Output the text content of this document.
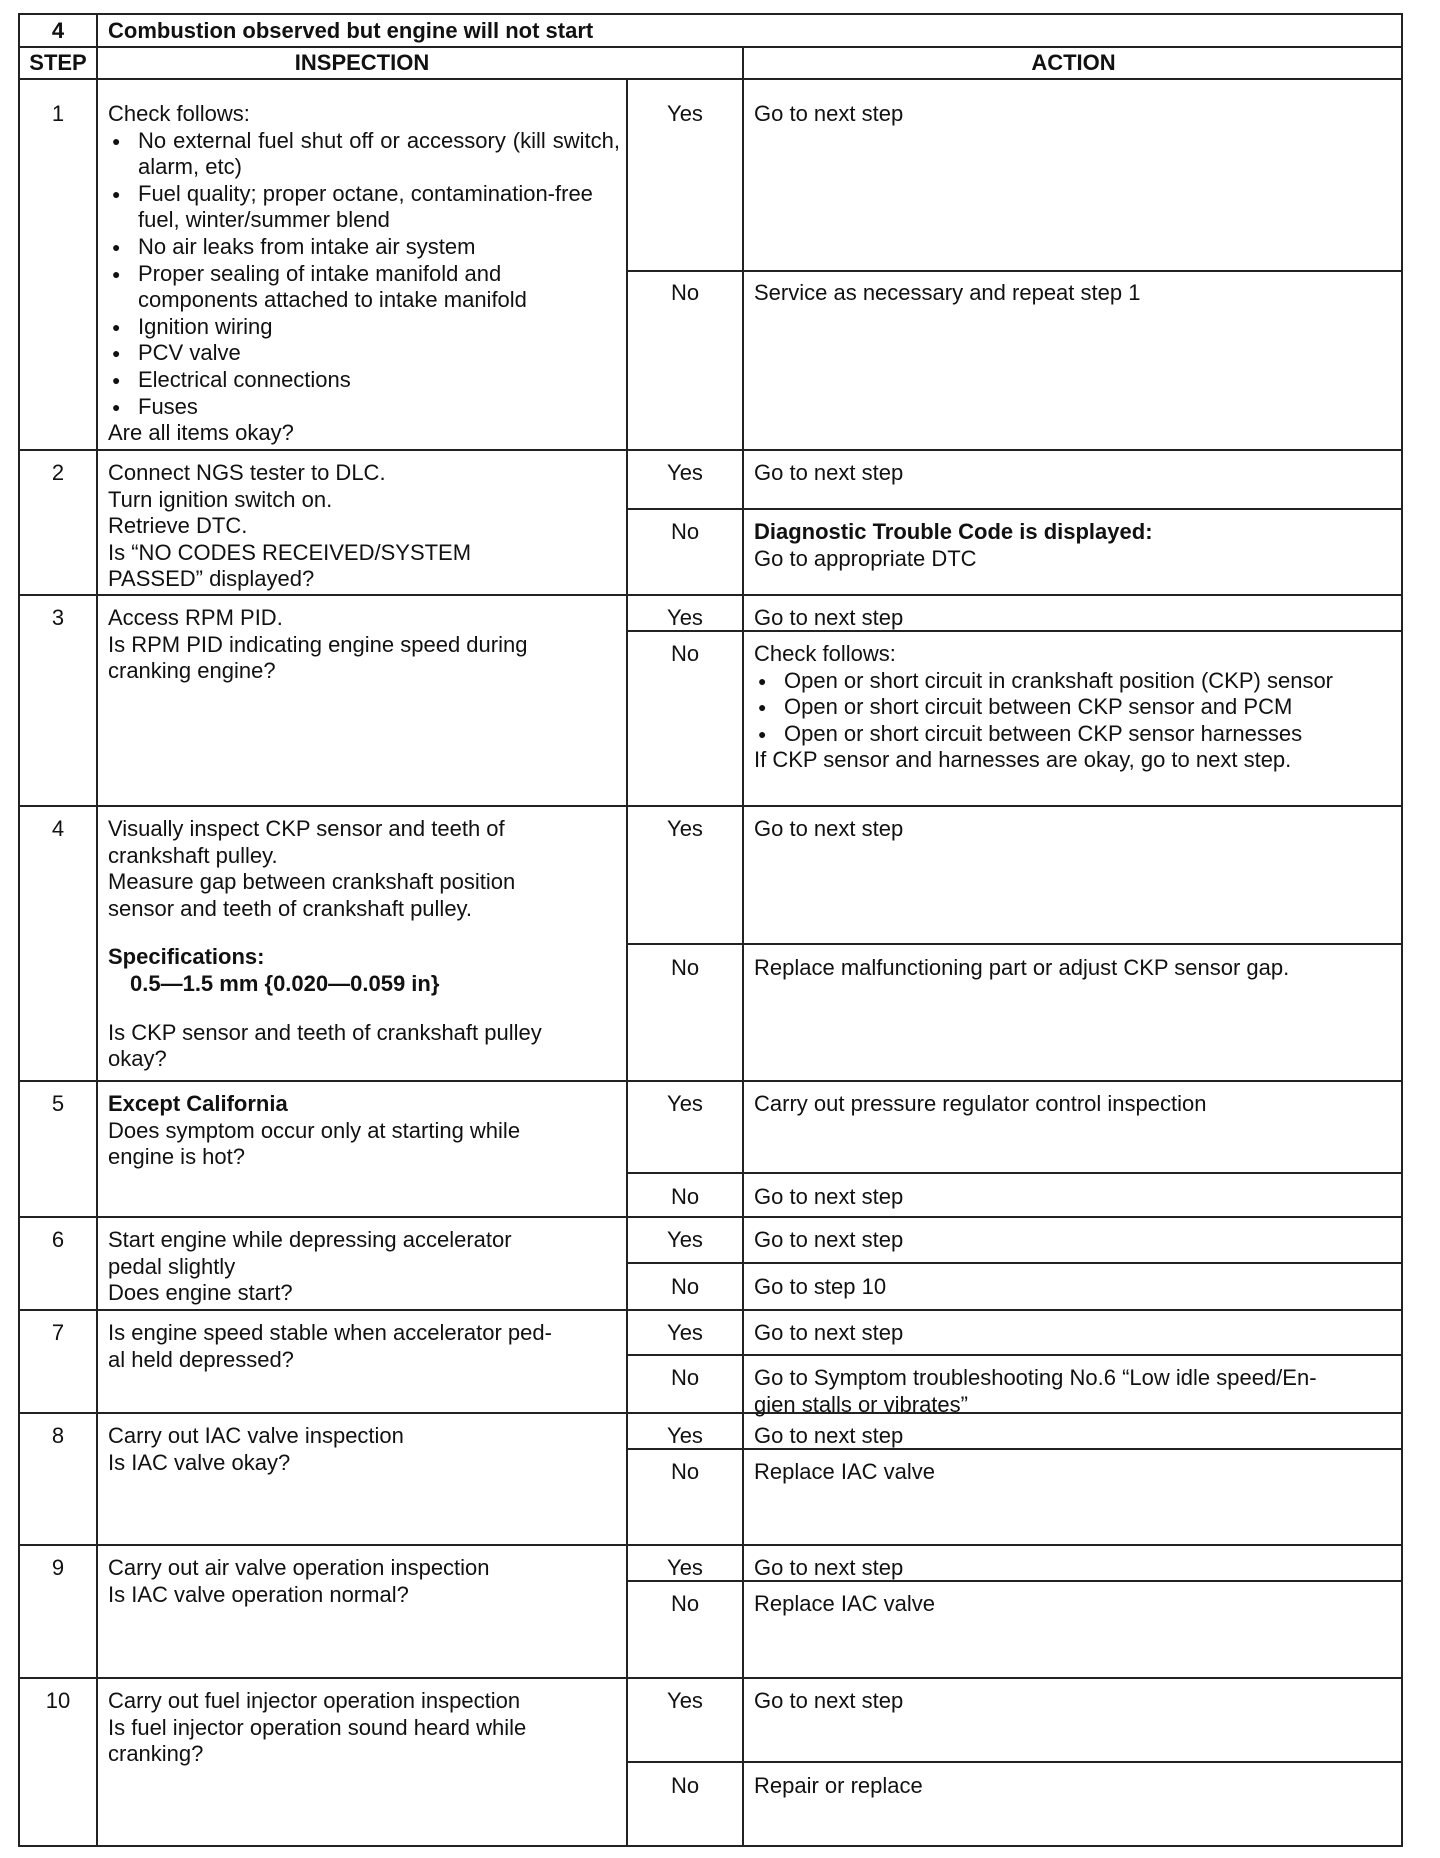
4	Combustion observed but engine will not start
STEP	INSPECTION	ACTION
1	Check follows:
● No external fuel shut off or accessory (kill switch, alarm, etc)
● Fuel quality; proper octane, contamination-free fuel, winter/summer blend
● No air leaks from intake air system
● Proper sealing of intake manifold and components attached to intake manifold
● Ignition wiring
● PCV valve
● Electrical connections
● Fuses
Are all items okay?
Yes	Go to next step
No	Service as necessary and repeat step 1
2	Connect NGS tester to DLC.
Turn ignition switch on.
Retrieve DTC.
Is “NO CODES RECEIVED/SYSTEM
PASSED” displayed?
Yes	Go to next step
No	Diagnostic Trouble Code is displayed:
Go to appropriate DTC
3	Access RPM PID.
Is RPM PID indicating engine speed during
cranking engine?
Yes	Go to next step
No	Check follows:
● Open or short circuit in crankshaft position (CKP) sensor
● Open or short circuit between CKP sensor and PCM
● Open or short circuit between CKP sensor harnesses
If CKP sensor and harnesses are okay, go to next step.
4	Visually inspect CKP sensor and teeth of
crankshaft pulley.
Measure gap between crankshaft position
sensor and teeth of crankshaft pulley.
Specifications:
0.5—1.5 mm {0.020—0.059 in}
Is CKP sensor and teeth of crankshaft pulley
okay?
Yes	Go to next step
No	Replace malfunctioning part or adjust CKP sensor gap.
5	Except California
Does symptom occur only at starting while
engine is hot?
Yes	Carry out pressure regulator control inspection
No	Go to next step
6	Start engine while depressing accelerator
pedal slightly
Does engine start?
Yes	Go to next step
No	Go to step 10
7	Is engine speed stable when accelerator ped-
al held depressed?
Yes	Go to next step
No	Go to Symptom troubleshooting No.6 “Low idle speed/En-
gien stalls or vibrates”
8	Carry out IAC valve inspection
Is IAC valve okay?
Yes	Go to next step
No	Replace IAC valve
9	Carry out air valve operation inspection
Is IAC valve operation normal?
Yes	Go to next step
No	Replace IAC valve
10	Carry out fuel injector operation inspection
Is fuel injector operation sound heard while
cranking?
Yes	Go to next step
No	Repair or replace
